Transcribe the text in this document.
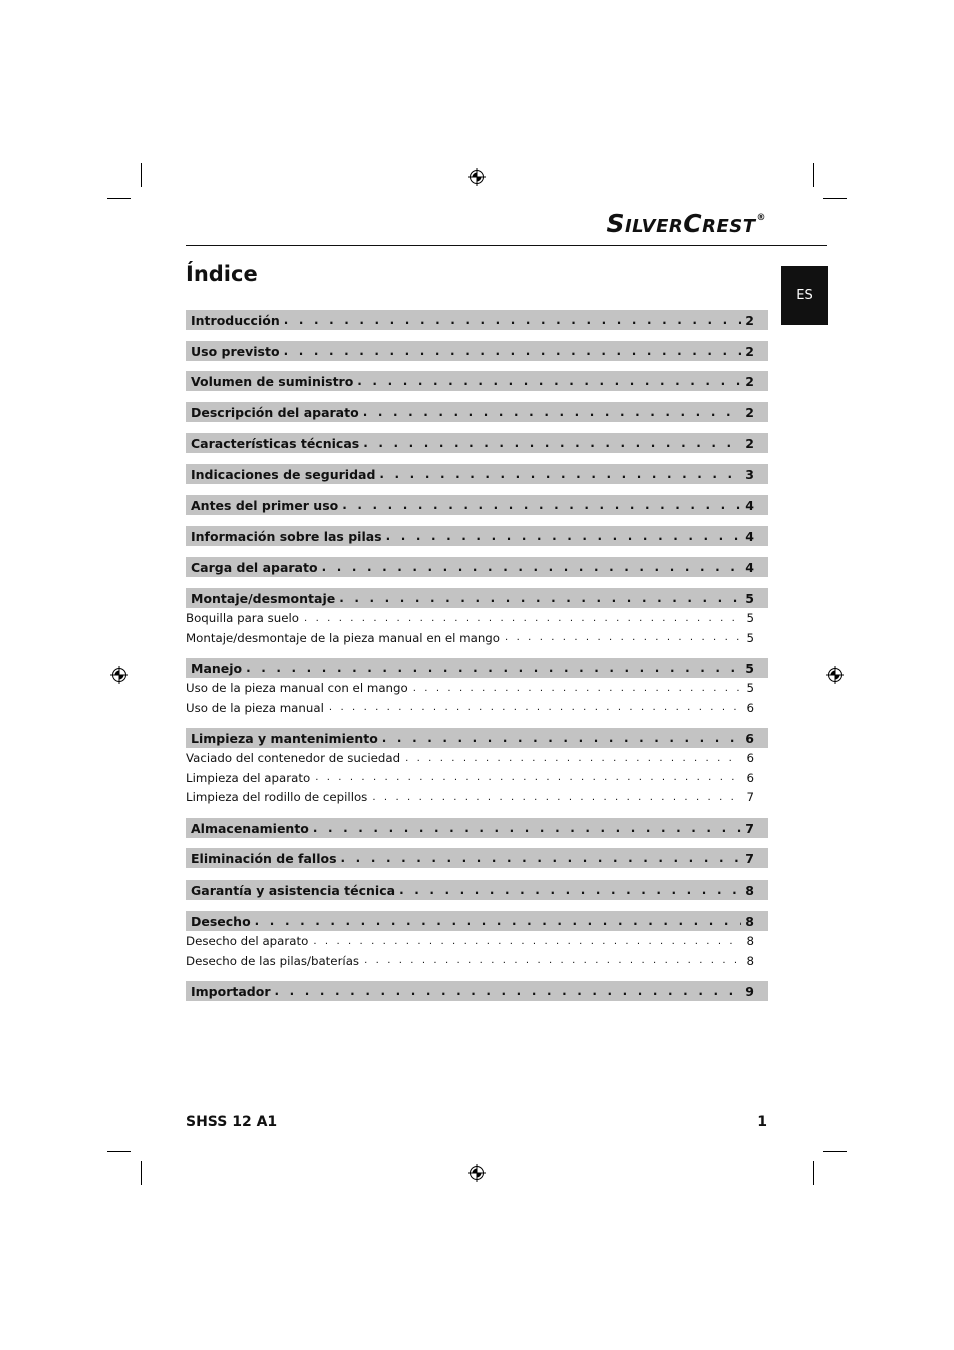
S ILVER C REST ®
Índice
ES
Introducción . . .	2
Uso previsto . . .	2
Volumen de suministro . . .	2
Descripción del aparato . . .	2
Características técnicas . . .	2
Indicaciones de seguridad . . .	3
Antes del primer uso . . .	4
Información sobre las pilas . . .	4
Carga del aparato . . .	4
Montaje/desmontaje . . .	5
Boquilla para suelo . . .	5
Montaje/desmontaje de la pieza manual en el mango . . .	5
Manejo . . .	5
Uso de la pieza manual con el mango . . .	5
Uso de la pieza manual . . .	6
Limpieza y mantenimiento . . .	6
Vaciado del contenedor de suciedad . . .	6
Limpieza del aparato . . .	6
Limpieza del rodillo de cepillos . . .	7
Almacenamiento . . .	7
Eliminación de fallos . . .	7
Garantía y asistencia técnica . . .	8
Desecho . . .	8
Desecho del aparato . . .	8
Desecho de las pilas/baterías . . .	8
Importador . . .	9
SHSS 12 A1	1
